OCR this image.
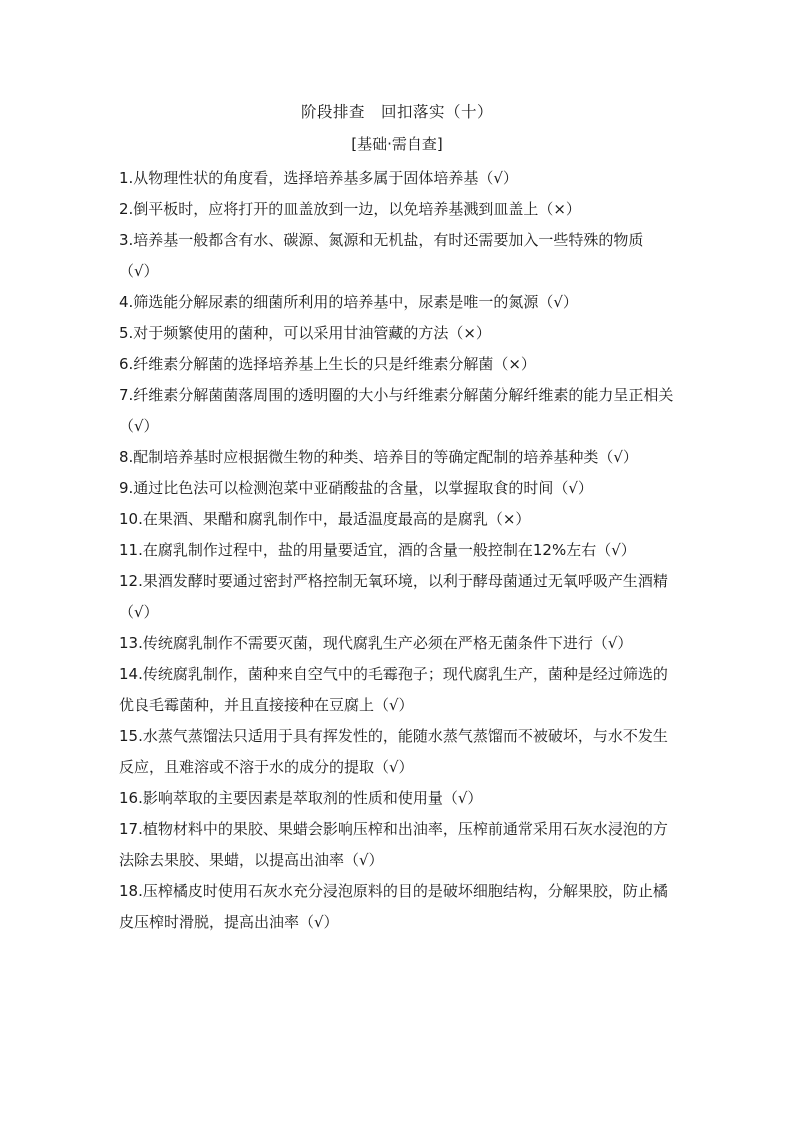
阶段排查　回扣落实（十）
[基础·需自查]

1.从物理性状的角度看，选择培养基多属于固体培养基（√）

2.倒平板时，应将打开的皿盖放到一边，以免培养基溅到皿盖上（×）

3.培养基一般都含有水、碳源、氮源和无机盐，有时还需要加入一些特殊的物质（√）

4.筛选能分解尿素的细菌所利用的培养基中，尿素是唯一的氮源（√）

5.对于频繁使用的菌种，可以采用甘油管藏的方法（×）

6.纤维素分解菌的选择培养基上生长的只是纤维素分解菌（×）

7.纤维素分解菌菌落周围的透明圈的大小与纤维素分解菌分解纤维素的能力呈正相关（√）

8.配制培养基时应根据微生物的种类、培养目的等确定配制的培养基种类（√）

9.通过比色法可以检测泡菜中亚硝酸盐的含量，以掌握取食的时间（√）

10.在果酒、果醋和腐乳制作中，最适温度最高的是腐乳（×）

11.在腐乳制作过程中，盐的用量要适宜，酒的含量一般控制在12%左右（√）

12.果酒发酵时要通过密封严格控制无氧环境，以利于酵母菌通过无氧呼吸产生酒精（√）

13.传统腐乳制作不需要灭菌，现代腐乳生产必须在严格无菌条件下进行（√）

14.传统腐乳制作，菌种来自空气中的毛霉孢子；现代腐乳生产，菌种是经过筛选的优良毛霉菌种，并且直接接种在豆腐上（√）

15.水蒸气蒸馏法只适用于具有挥发性的，能随水蒸气蒸馏而不被破坏，与水不发生反应，且难溶或不溶于水的成分的提取（√）

16.影响萃取的主要因素是萃取剂的性质和使用量（√）

17.植物材料中的果胶、果蜡会影响压榨和出油率，压榨前通常采用石灰水浸泡的方法除去果胶、果蜡，以提高出油率（√）

18.压榨橘皮时使用石灰水充分浸泡原料的目的是破坏细胞结构，分解果胶，防止橘皮压榨时滑脱，提高出油率（√）
